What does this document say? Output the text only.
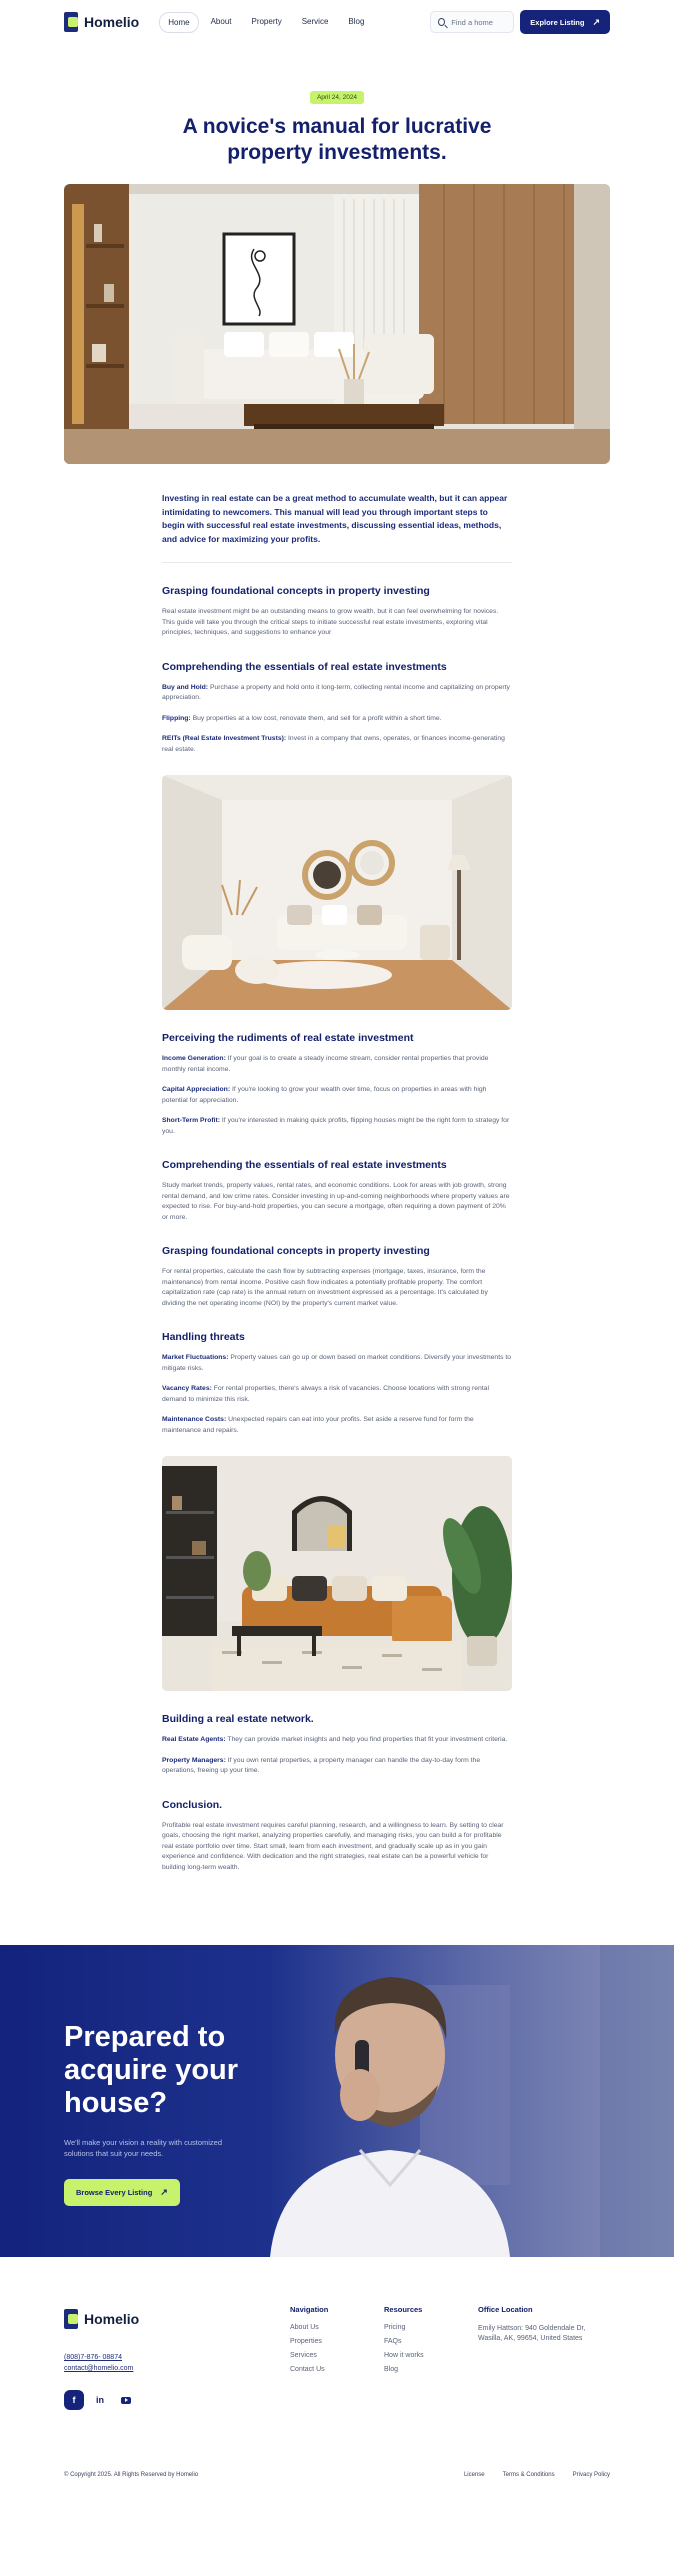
Homelio	Home	About	Property	Service	Blog
Find a home	Explore Listing ↗
April 24, 2024
A novice's manual for lucrative property investments.

Investing in real estate can be a great method to accumulate wealth, but it can appear intimidating to newcomers. This manual will lead you through important steps to begin with successful real estate investments, discussing essential ideas, methods, and advice for maximizing your profits.

Grasping foundational concepts in property investing

Real estate investment might be an outstanding means to grow wealth, but it can feel overwhelming for novices. This guide will take you through the critical steps to initiate successful real estate investments, exploring vital principles, techniques, and suggestions to enhance your

Comprehending the essentials of real estate investments

Buy and Hold: Purchase a property and hold onto it long-term, collecting rental income and capitalizing on property appreciation.

Flipping: Buy properties at a low cost, renovate them, and sell for a profit within a short time.

REITs (Real Estate Investment Trusts): Invest in a company that owns, operates, or finances income-generating real estate.

Perceiving the rudiments of real estate investment

Income Generation: If your goal is to create a steady income stream, consider rental properties that provide monthly rental income.

Capital Appreciation: If you're looking to grow your wealth over time, focus on properties in areas with high potential for appreciation.

Short-Term Profit: If you're interested in making quick profits, flipping houses might be the right form to strategy for you.

Comprehending the essentials of real estate investments

Study market trends, property values, rental rates, and economic conditions. Look for areas with job growth, strong rental demand, and low crime rates. Consider investing in up-and-coming neighborhoods where property values are expected to rise. For buy-and-hold properties, you can secure a mortgage, often requiring a down payment of 20% or more.

Grasping foundational concepts in property investing

For rental properties, calculate the cash flow by subtracting expenses (mortgage, taxes, insurance, form the maintenance) from rental income. Positive cash flow indicates a potentially profitable property. The comfort capitalization rate (cap rate) is the annual return on investment expressed as a percentage. It's calculated by dividing the net operating income (NOI) by the property's current market value.

Handling threats

Market Fluctuations: Property values can go up or down based on market conditions. Diversify your investments to mitigate risks.

Vacancy Rates: For rental properties, there's always a risk of vacancies. Choose locations with strong rental demand to minimize this risk.

Maintenance Costs: Unexpected repairs can eat into your profits. Set aside a reserve fund for form the maintenance and repairs.

Building a real estate network.

Real Estate Agents: They can provide market insights and help you find properties that fit your investment criteria.

Property Managers: If you own rental properties, a property manager can handle the day-to-day form the operations, freeing up your time.

Conclusion.

Profitable real estate investment requires careful planning, research, and a willingness to learn. By setting to clear goals, choosing the right market, analyzing properties carefully, and managing risks, you can build a for profitable real estate portfolio over time. Start small, learn from each investment, and gradually scale up as in you gain experience and confidence. With dedication and the right strategies, real estate can be a powerful vehicle for building long-term wealth.

Prepared to acquire your house?

We'll make your vision a reality with customized solutions that suit your needs.

Browse Every Listing ↗
Homelio
(808)7-876- 08874
contact@homelio.com
f	in
Navigation
About Us
Properties
Services
Contact Us
Resources
Pricing
FAQs
How it works
Blog
Office Location

Emily Hattson: 940 Goldendale Dr, Wasilla, AK, 99654, United States

© Copyright 2025. All Rights Reserved by Homelio	License	Terms & Conditions	Privacy Policy
